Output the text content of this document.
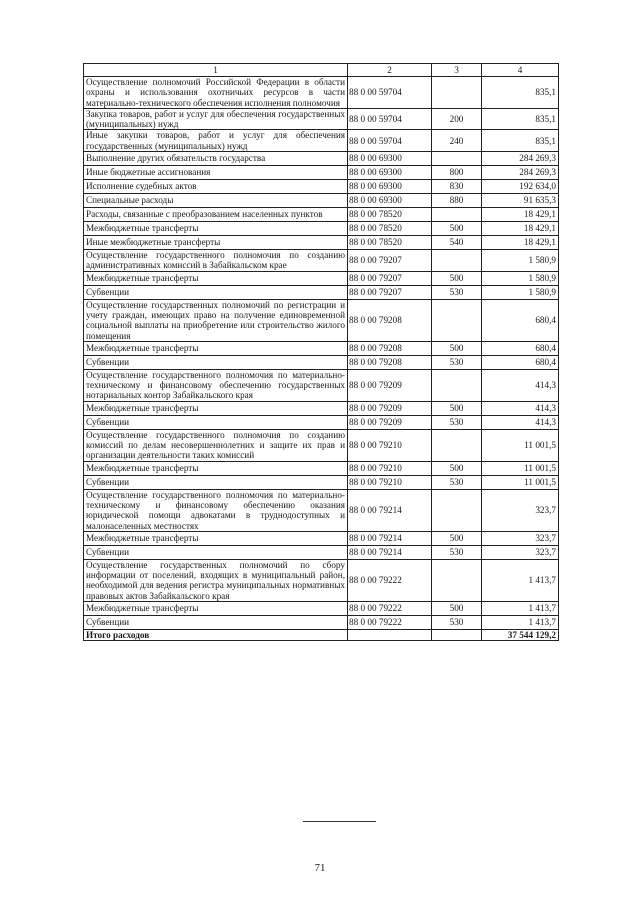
1	2	3	4
Осуществление полномочий Российской Федерации в области охраны и использования охотничьих ресурсов в части материально-технического обеспечения исполнения полномочия	88 0 00 59704		835,1
Закупка товаров, работ и услуг для обеспечения государственных (муниципальных) нужд	88 0 00 59704	200	835,1
Иные закупки товаров, работ и услуг для обеспечения государственных (муниципальных) нужд	88 0 00 59704	240	835,1
Выполнение других обязательств государства	88 0 00 69300		284 269,3
Иные бюджетные ассигнования	88 0 00 69300	800	284 269,3
Исполнение судебных актов	88 0 00 69300	830	192 634,0
Специальные расходы	88 0 00 69300	880	91 635,3
Расходы, связанные с преобразованием населенных пунктов	88 0 00 78520		18 429,1
Межбюджетные трансферты	88 0 00 78520	500	18 429,1
Иные межбюджетные трансферты	88 0 00 78520	540	18 429,1
Осуществление государственного полномочия по созданию административных комиссий в Забайкальском крае	88 0 00 79207		1 580,9
Межбюджетные трансферты	88 0 00 79207	500	1 580,9
Субвенции	88 0 00 79207	530	1 580,9
Осуществление государственных полномочий по регистрации и учету граждан, имеющих право на получение единовременной социальной выплаты на приобретение или строительство жилого помещения	88 0 00 79208		680,4
Межбюджетные трансферты	88 0 00 79208	500	680,4
Субвенции	88 0 00 79208	530	680,4
Осуществление государственного полномочия по материально-техническому и финансовому обеспечению государственных нотариальных контор Забайкальского края	88 0 00 79209		414,3
Межбюджетные трансферты	88 0 00 79209	500	414,3
Субвенции	88 0 00 79209	530	414,3
Осуществление государственного полномочия по созданию комиссий по делам несовершеннолетних и защите их прав и организации деятельности таких комиссий	88 0 00 79210		11 001,5
Межбюджетные трансферты	88 0 00 79210	500	11 001,5
Субвенции	88 0 00 79210	530	11 001,5
Осуществление государственного полномочия по материально-техническому и финансовому обеспечению оказания юридической помощи адвокатами в труднодоступных и малонаселенных местностях	88 0 00 79214		323,7
Межбюджетные трансферты	88 0 00 79214	500	323,7
Субвенции	88 0 00 79214	530	323,7
Осуществление государственных полномочий по сбору информации от поселений, входящих в муниципальный район, необходимой для ведения регистра муниципальных нормативных правовых актов Забайкальского края	88 0 00 79222		1 413,7
Межбюджетные трансферты	88 0 00 79222	500	1 413,7
Субвенции	88 0 00 79222	530	1 413,7
Итого расходов			37 544 129,2
71
